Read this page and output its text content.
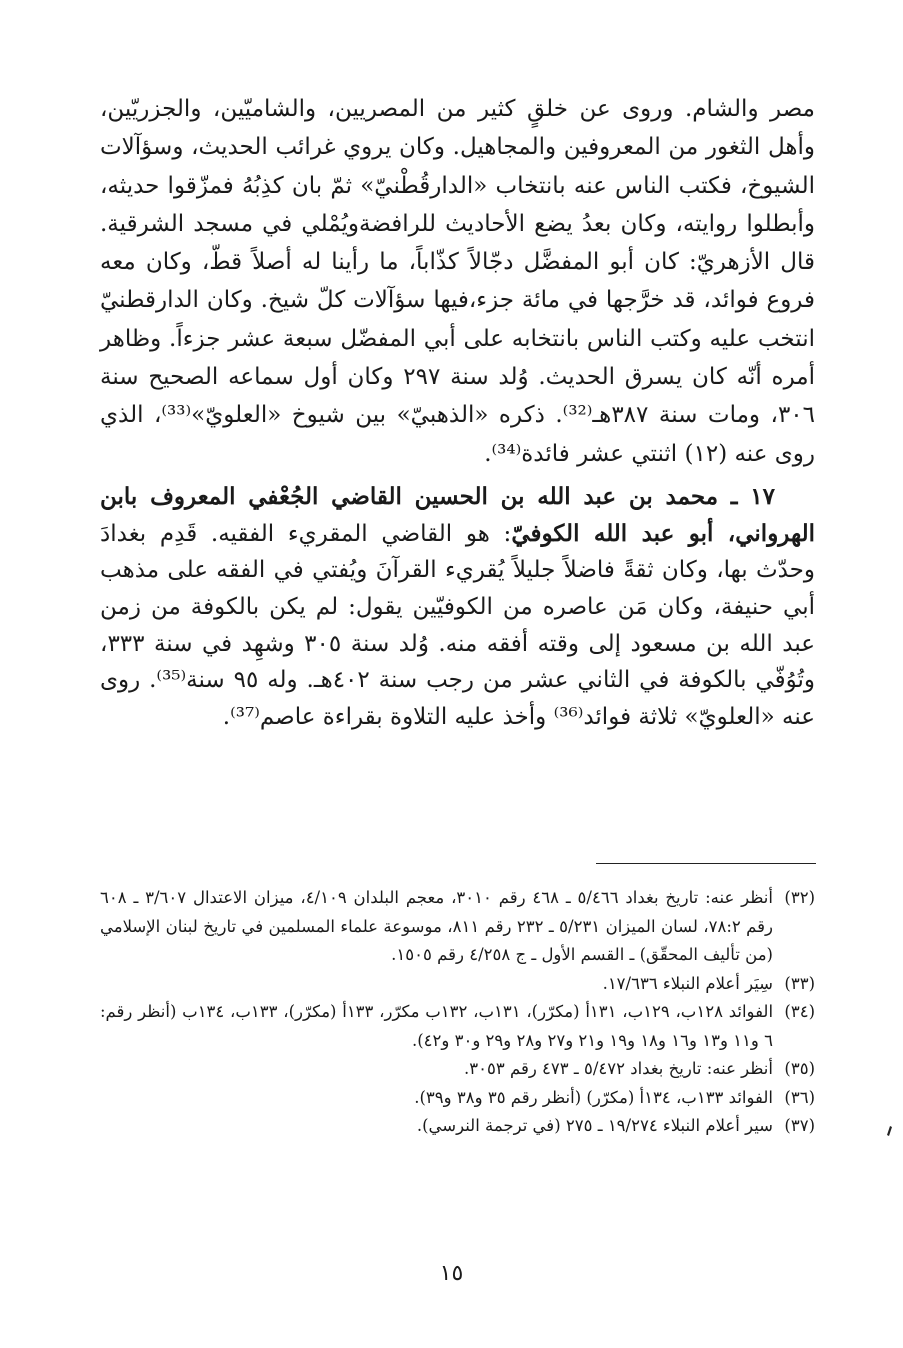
مصر والشام. وروى عن خلقٍ كثير من المصريين، والشاميّين، والجزريّين، وأهل الثغور من المعروفين والمجاهيل. وكان يروي غرائب الحديث، وسؤآلات الشيوخ، فكتب الناس عنه بانتخاب «الدارقُطْنيّ» ثمّ بان كذِبُهُ فمزّقوا حديثه، وأبطلوا روايته، وكان بعدُ يضع الأحاديث للرافضةويُمْلي في مسجد الشرقية. قال الأزهريّ: كان أبو المفضَّل دجّالاً كذّاباً، ما رأينا له أصلاً قطّ، وكان معه فروع فوائد، قد خرَّجها في مائة جزء،فيها سؤآلات كلّ شيخ. وكان الدارقطنيّ انتخب عليه وكتب الناس بانتخابه على أبي المفضّل سبعة عشر جزءاً. وظاهر أمره أنّه كان يسرق الحديث. وُلد سنة ٢٩٧ وكان أول سماعه الصحيح سنة ٣٠٦، ومات سنة ٣٨٧هـ⁽³²⁾. ذكره «الذهبيّ» بين شيوخ «العلويّ»⁽³³⁾، الذي روى عنه (١٢) اثنتي عشر فائدة⁽³⁴⁾.

١٧ ـ محمد بن عبد الله بن الحسين القاضي الجُعْفي المعروف بابن الهرواني، أبو عبد الله الكوفيّ: هو القاضي المقريء الفقيه. قَدِم بغدادَ وحدّث بها، وكان ثقةً فاضلاً جليلاً يُقريء القرآنَ ويُفتي في الفقه على مذهب أبي حنيفة، وكان مَن عاصره من الكوفيّين يقول: لم يكن بالكوفة من زمن عبد الله بن مسعود إلى وقته أفقه منه. وُلد سنة ٣٠٥ وشهِد في سنة ٣٣٣، وتُوُفّي بالكوفة في الثاني عشر من رجب سنة ٤٠٢هـ. وله ٩٥ سنة⁽³⁵⁾. روى عنه «العلويّ» ثلاثة فوائد⁽³⁶⁾ وأخذ عليه التلاوة بقراءة عاصم⁽³⁷⁾.

(٣٢)
أنظر عنه: تاريخ بغداد ٥/٤٦٦ ـ ٤٦٨ رقم ٣٠١٠، معجم البلدان ٤/١٠٩، ميزان الاعتدال ٣/٦٠٧ ـ ٦٠٨ رقم ٧٨:٢، لسان الميزان ٥/٢٣١ ـ ٢٣٢ رقم ٨١١، موسوعة علماء المسلمين في تاريخ لبنان الإسلامي (من تأليف المحقّق) ـ القسم الأول ـ ج ٤/٢٥٨ رقم ١٥٠٥.
(٣٣)
سِيَر أعلام النبلاء ١٧/٦٣٦.
(٣٤)
الفوائد ١٢٨ب، ١٢٩ب، ١٣١أ (مكرّر)، ١٣١ب، ١٣٢ب مكرّر، ١٣٣أ (مكرّر)، ١٣٣ب، ١٣٤ب (أنظر رقم: ٦ و١١ و١٣ و١٦ و١٨ و١٩ و٢١ و٢٧ و٢٨ و٢٩ و٣٠ و٤٢).
(٣٥)
أنظر عنه: تاريخ بغداد ٥/٤٧٢ ـ ٤٧٣ رقم ٣٠٥٣.
(٣٦)
الفوائد ١٣٣ب، ١٣٤أ (مكرّر) (أنظر رقم ٣٥ و٣٨ و٣٩).
(٣٧)
سير أعلام النبلاء ١٩/٢٧٤ ـ ٢٧٥ (في ترجمة النرسي).
١٥
